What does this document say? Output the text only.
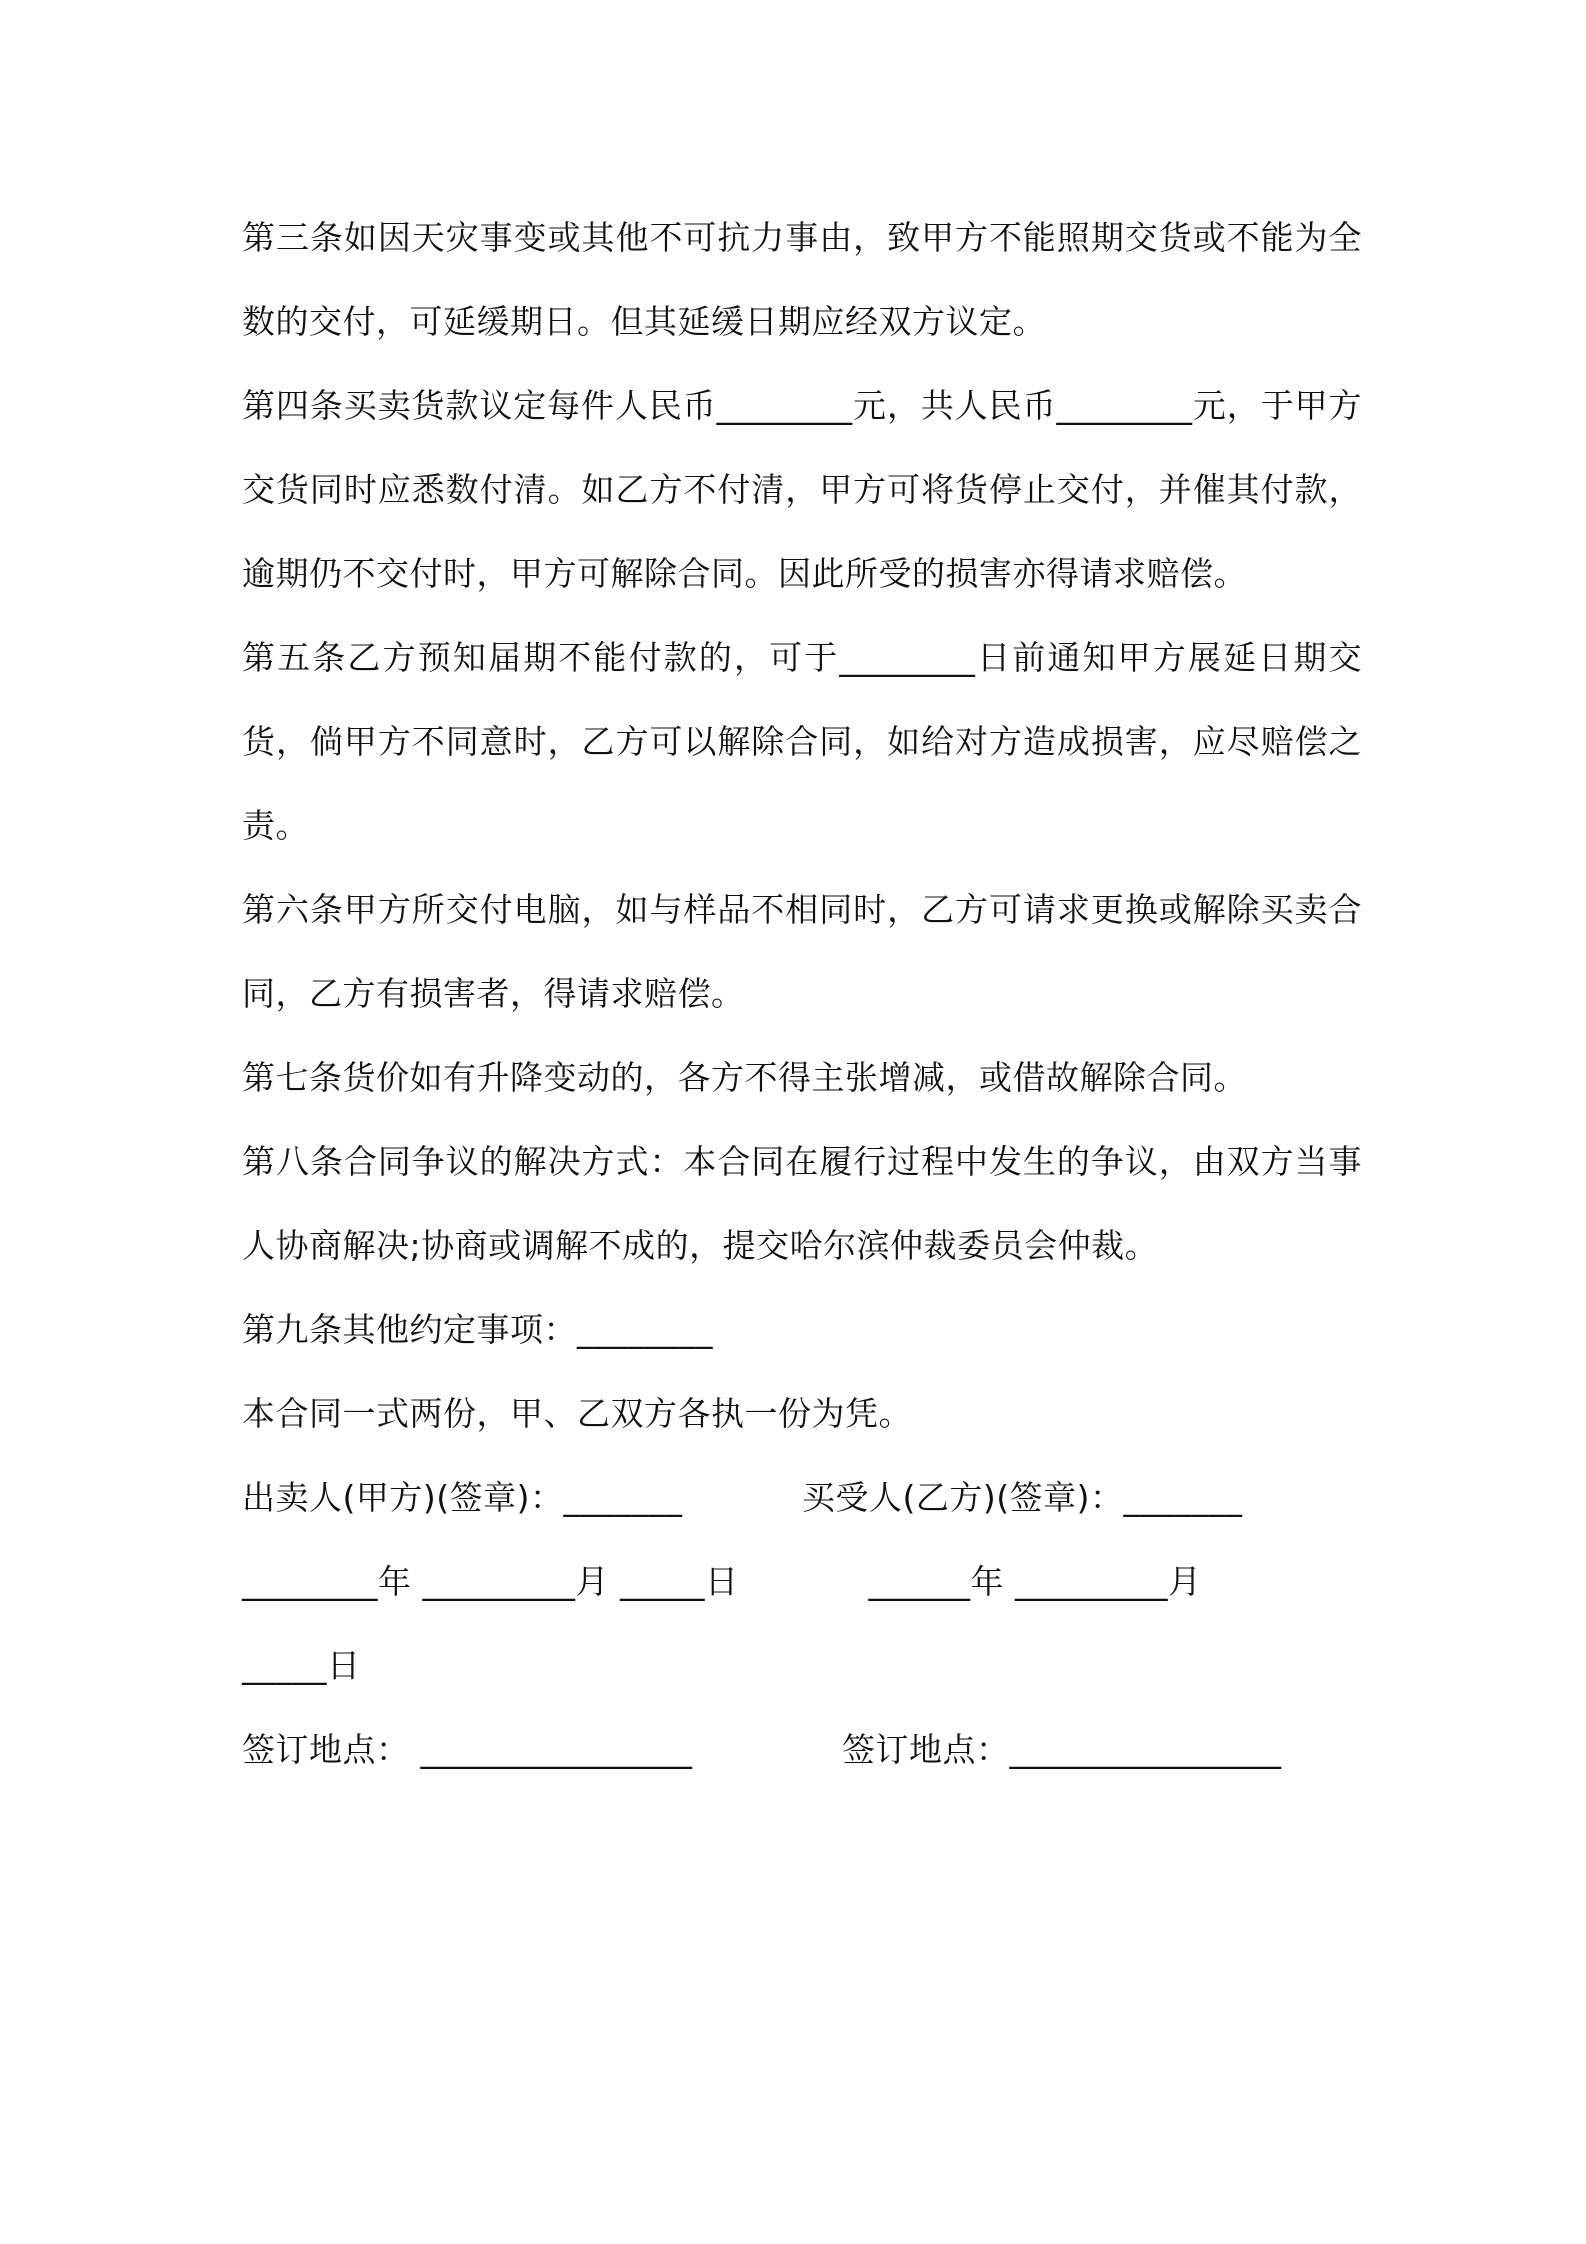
第三条如因天灾事变或其他不可抗力事由，致甲方不能照期交货或不能为全数的交付，可延缓期日。但其延缓日期应经双方议定。

第四条买卖货款议定每件人民币________元，共人民币________元，于甲方交货同时应悉数付清。如乙方不付清，甲方可将货停止交付，并催其付款，逾期仍不交付时，甲方可解除合同。因此所受的损害亦得请求赔偿。

第五条乙方预知届期不能付款的，可于________日前通知甲方展延日期交货，倘甲方不同意时，乙方可以解除合同，如给对方造成损害，应尽赔偿之责。

第六条甲方所交付电脑，如与样品不相同时，乙方可请求更换或解除买卖合同，乙方有损害者，得请求赔偿。

第七条货价如有升降变动的，各方不得主张增减，或借故解除合同。

第八条合同争议的解决方式：本合同在履行过程中发生的争议，由双方当事人协商解决;协商或调解不成的，提交哈尔滨仲裁委员会仲裁。

第九条其他约定事项：________

本合同一式两份，甲、乙双方各执一份为凭。

出卖人(甲方)(签章)：_______	买受人(乙方)(签章)：_______

________年 _________月 _____日	______年 _________月

_____日

签订地点： ________________	签订地点：________________
